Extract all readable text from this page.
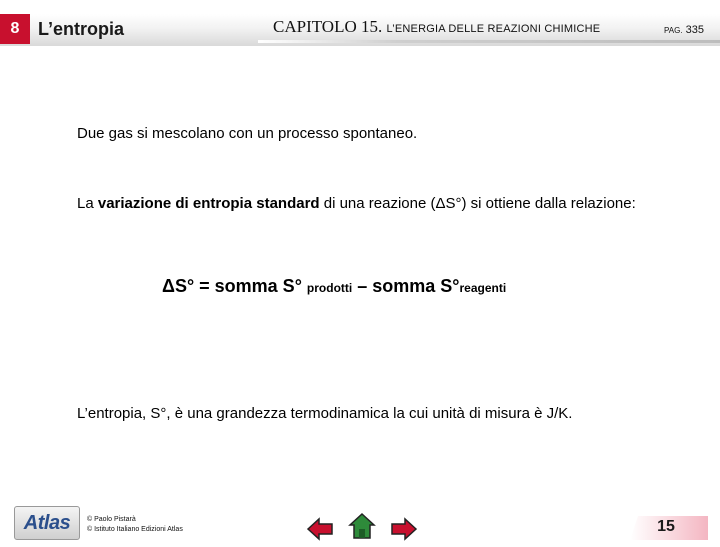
8	L’entropia	CAPITOLO 15. L’ENERGIA DELLE REAZIONI CHIMICHE	PAG. 335
Due gas si mescolano con un processo spontaneo.
La variazione di entropia standard di una reazione (ΔS°) si ottiene dalla relazione:
ΔS° = somma S° prodotti – somma S°reagenti
L’entropia, S°, è una grandezza termodinamica la cui unità di misura è J/K.
Atlas © Paolo Pistarà
© Istituto Italiano Edizioni Atlas	15
